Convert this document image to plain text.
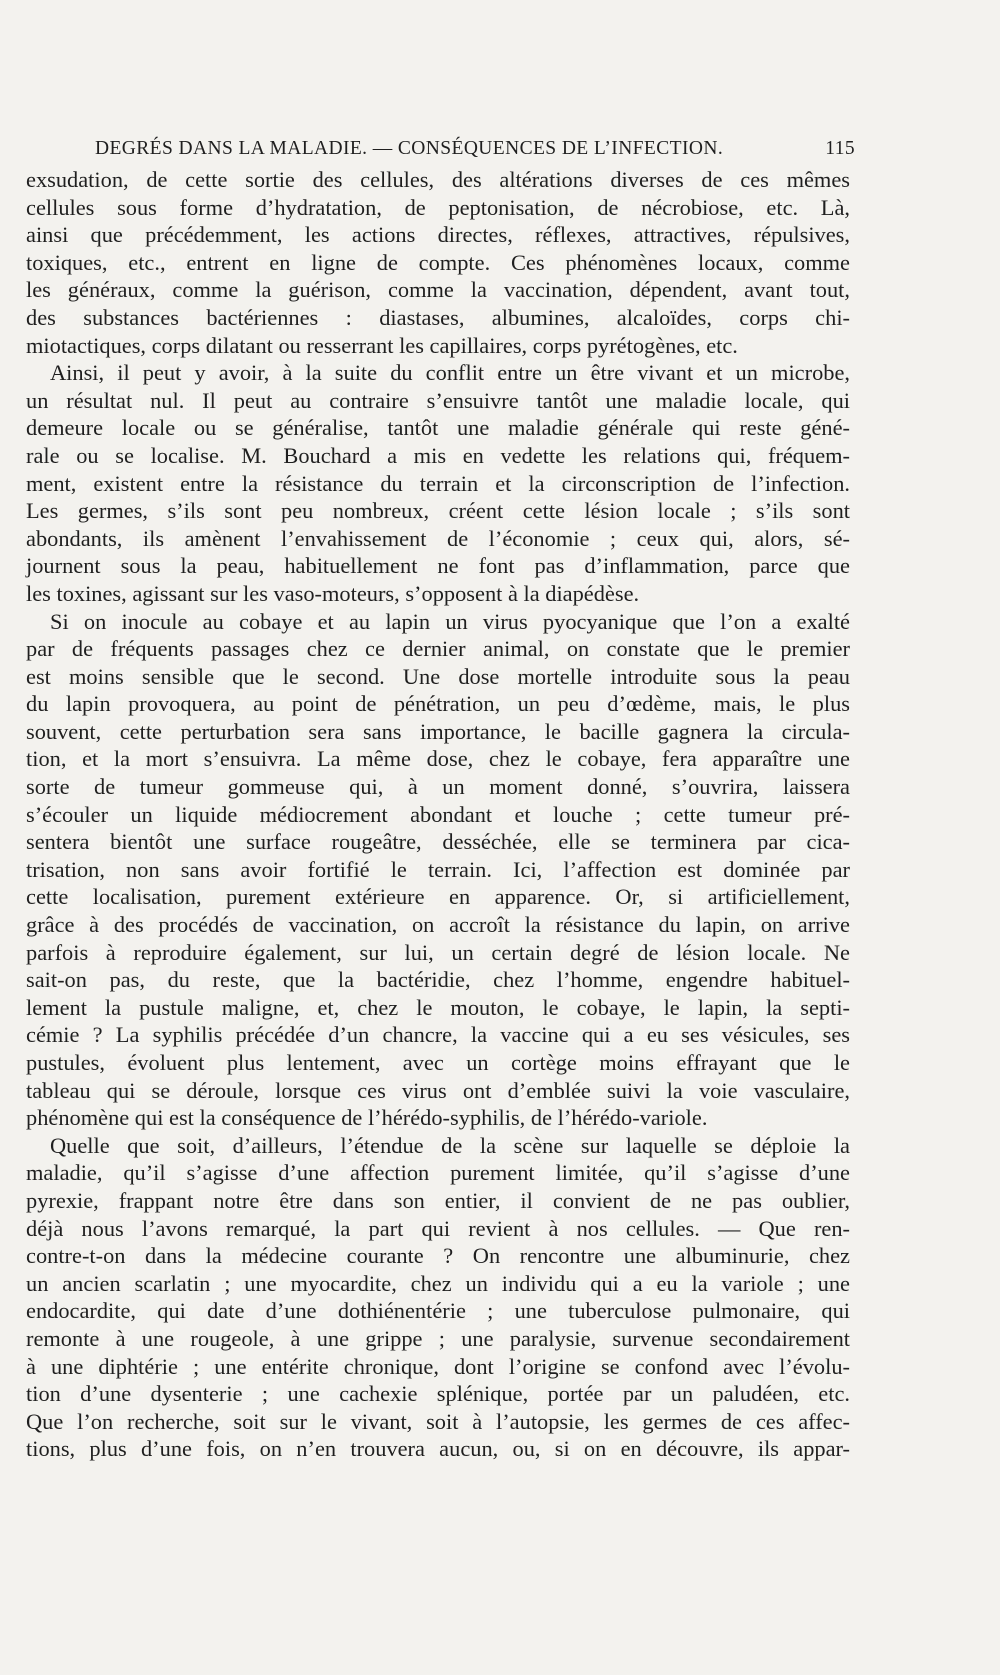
DEGRÉS DANS LA MALADIE. — CONSÉQUENCES DE L’INFECTION.	115
exsudation, de cette sortie des cellules, des altérations diverses de ces mêmes
cellules sous forme d’hydratation, de peptonisation, de nécrobiose, etc. Là,
ainsi que précédemment, les actions directes, réflexes, attractives, répulsives,
toxiques, etc., entrent en ligne de compte. Ces phénomènes locaux, comme
les généraux, comme la guérison, comme la vaccination, dépendent, avant tout,
des substances bactériennes : diastases, albumines, alcaloïdes, corps chi-
miotactiques, corps dilatant ou resserrant les capillaires, corps pyrétogènes, etc.
Ainsi, il peut y avoir, à la suite du conflit entre un être vivant et un microbe,
un résultat nul. Il peut au contraire s’ensuivre tantôt une maladie locale, qui
demeure locale ou se généralise, tantôt une maladie générale qui reste géné-
rale ou se localise. M. Bouchard a mis en vedette les relations qui, fréquem-
ment, existent entre la résistance du terrain et la circonscription de l’infection.
Les germes, s’ils sont peu nombreux, créent cette lésion locale ; s’ils sont
abondants, ils amènent l’envahissement de l’économie ; ceux qui, alors, sé-
journent sous la peau, habituellement ne font pas d’inflammation, parce que
les toxines, agissant sur les vaso-moteurs, s’opposent à la diapédèse.
Si on inocule au cobaye et au lapin un virus pyocyanique que l’on a exalté
par de fréquents passages chez ce dernier animal, on constate que le premier
est moins sensible que le second. Une dose mortelle introduite sous la peau
du lapin provoquera, au point de pénétration, un peu d’œdème, mais, le plus
souvent, cette perturbation sera sans importance, le bacille gagnera la circula-
tion, et la mort s’ensuivra. La même dose, chez le cobaye, fera apparaître une
sorte de tumeur gommeuse qui, à un moment donné, s’ouvrira, laissera
s’écouler un liquide médiocrement abondant et louche ; cette tumeur pré-
sentera bientôt une surface rougeâtre, desséchée, elle se terminera par cica-
trisation, non sans avoir fortifié le terrain. Ici, l’affection est dominée par
cette localisation, purement extérieure en apparence. Or, si artificiellement,
grâce à des procédés de vaccination, on accroît la résistance du lapin, on arrive
parfois à reproduire également, sur lui, un certain degré de lésion locale. Ne
sait-on pas, du reste, que la bactéridie, chez l’homme, engendre habituel-
lement la pustule maligne, et, chez le mouton, le cobaye, le lapin, la septi-
cémie ? La syphilis précédée d’un chancre, la vaccine qui a eu ses vésicules, ses
pustules, évoluent plus lentement, avec un cortège moins effrayant que le
tableau qui se déroule, lorsque ces virus ont d’emblée suivi la voie vasculaire,
phénomène qui est la conséquence de l’hérédo-syphilis, de l’hérédo-variole.
Quelle que soit, d’ailleurs, l’étendue de la scène sur laquelle se déploie la
maladie, qu’il s’agisse d’une affection purement limitée, qu’il s’agisse d’une
pyrexie, frappant notre être dans son entier, il convient de ne pas oublier,
déjà nous l’avons remarqué, la part qui revient à nos cellules. — Que ren-
contre-t-on dans la médecine courante ? On rencontre une albuminurie, chez
un ancien scarlatin ; une myocardite, chez un individu qui a eu la variole ; une
endocardite, qui date d’une dothiénentérie ; une tuberculose pulmonaire, qui
remonte à une rougeole, à une grippe ; une paralysie, survenue secondairement
à une diphtérie ; une entérite chronique, dont l’origine se confond avec l’évolu-
tion d’une dysenterie ; une cachexie splénique, portée par un paludéen, etc.
Que l’on recherche, soit sur le vivant, soit à l’autopsie, les germes de ces affec-
tions, plus d’une fois, on n’en trouvera aucun, ou, si on en découvre, ils appar-
